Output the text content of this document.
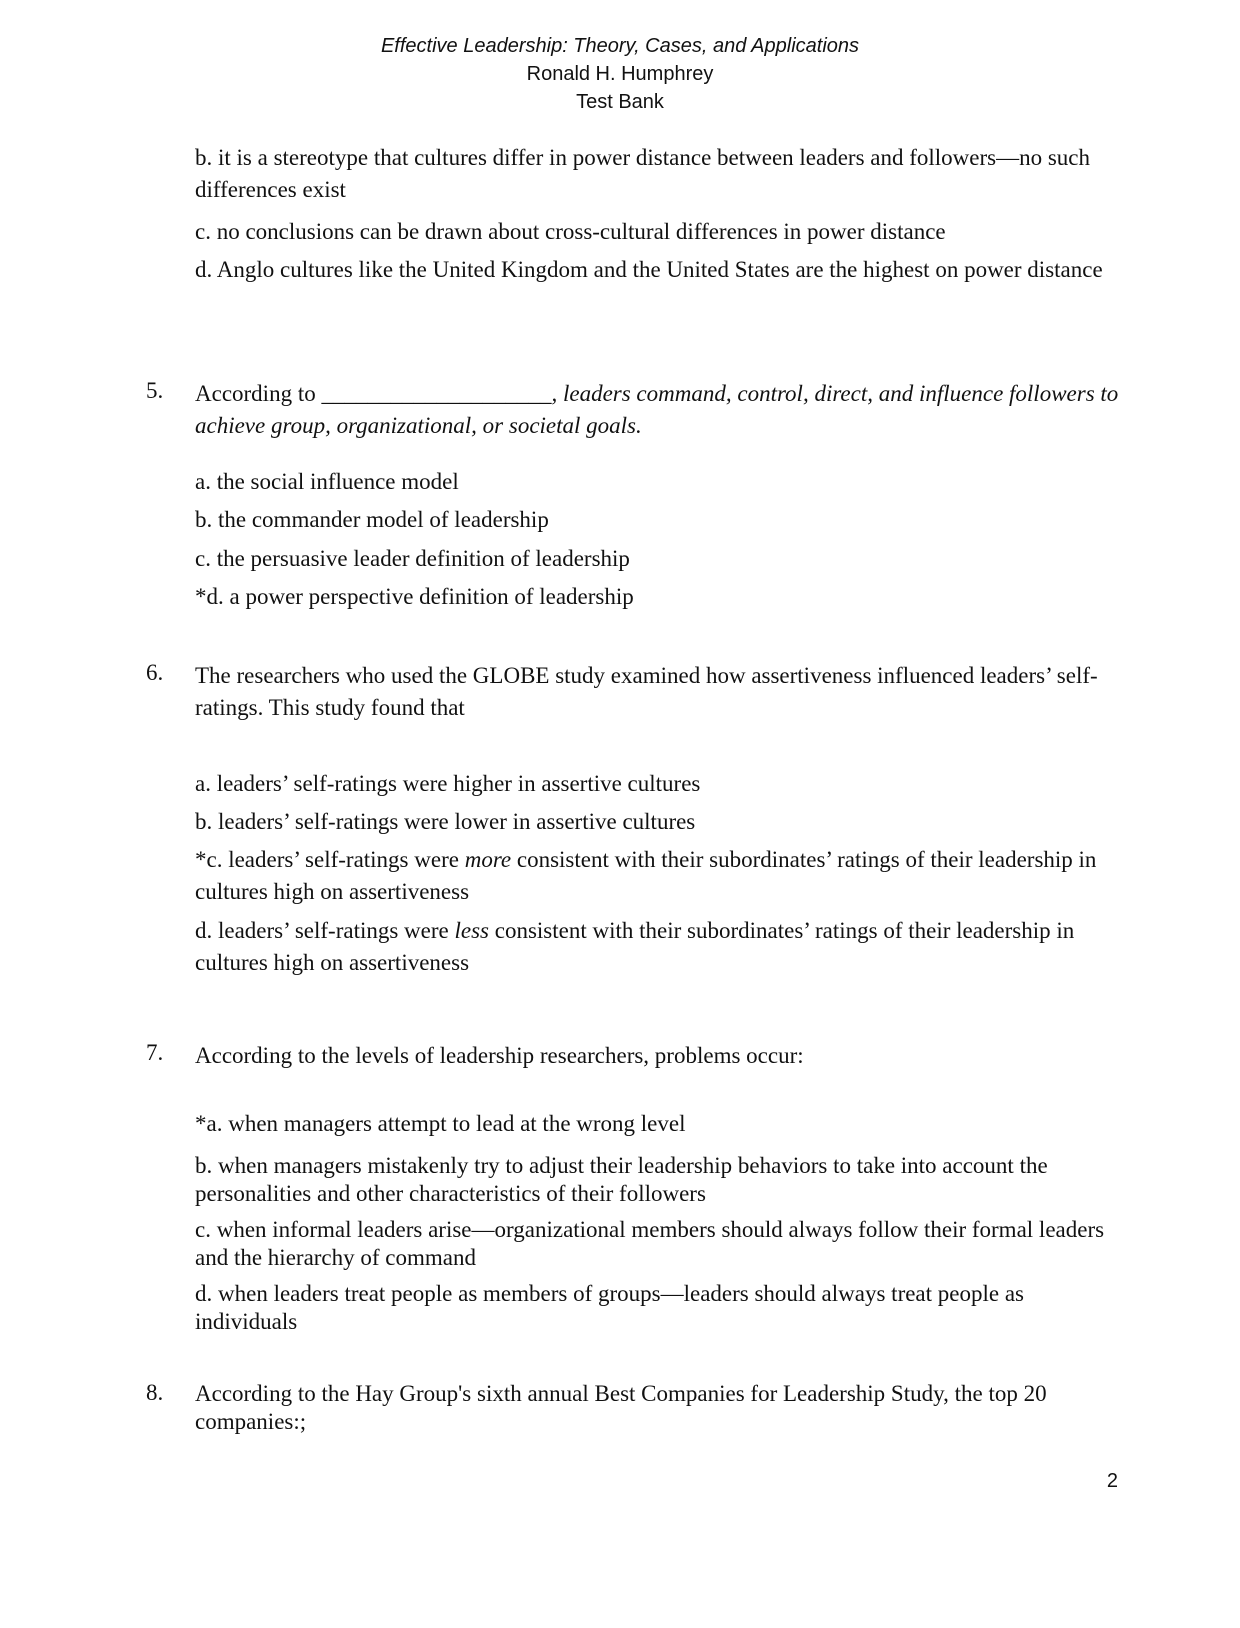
Effective Leadership: Theory, Cases, and Applications
Ronald H. Humphrey
Test Bank
b. it is a stereotype that cultures differ in power distance between leaders and followers—no such differences exist
c. no conclusions can be drawn about cross-cultural differences in power distance
d. Anglo cultures like the United Kingdom and the United States are the highest on power distance
5. According to ____________________, leaders command, control, direct, and influence followers to achieve group, organizational, or societal goals.
a. the social influence model
b. the commander model of leadership
c. the persuasive leader definition of leadership
*d. a power perspective definition of leadership
6. The researchers who used the GLOBE study examined how assertiveness influenced leaders’ self-ratings. This study found that
a. leaders’ self-ratings were higher in assertive cultures
b. leaders’ self-ratings were lower in assertive cultures
*c. leaders’ self-ratings were more consistent with their subordinates’ ratings of their leadership in cultures high on assertiveness
d. leaders’ self-ratings were less consistent with their subordinates’ ratings of their leadership in cultures high on assertiveness
7. According to the levels of leadership researchers, problems occur:
*a. when managers attempt to lead at the wrong level
b. when managers mistakenly try to adjust their leadership behaviors to take into account the personalities and other characteristics of their followers
c. when informal leaders arise—organizational members should always follow their formal leaders and the hierarchy of command
d. when leaders treat people as members of groups—leaders should always treat people as individuals
8. According to the Hay Group's sixth annual Best Companies for Leadership Study, the top 20 companies:;
2
